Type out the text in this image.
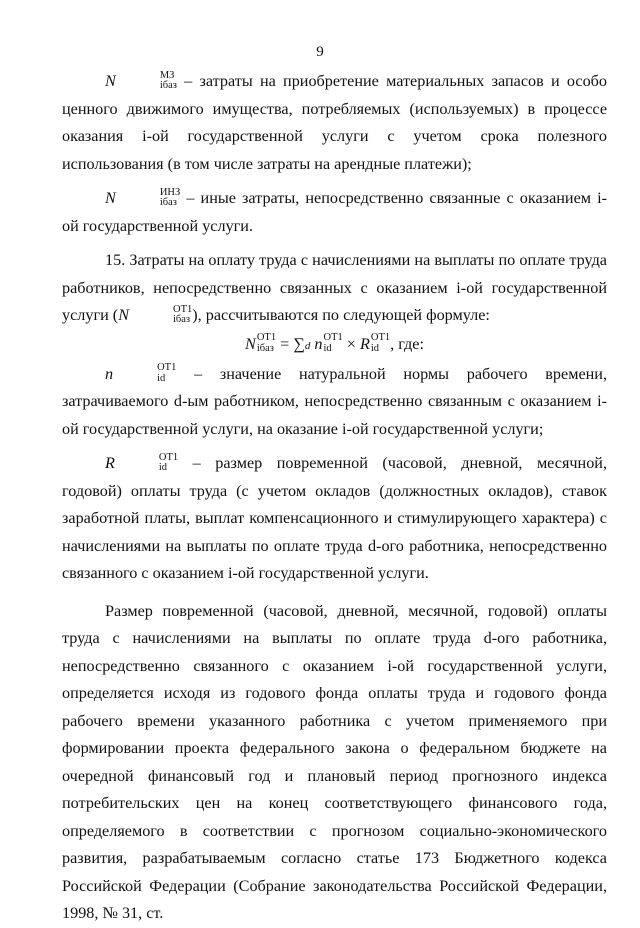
9

N	МЗ
iбаз – затраты на приобретение материальных запасов и особо ценного движимого имущества, потребляемых (используемых) в процессе оказания i-ой государственной услуги с учетом срока полезного использования (в том числе затраты на арендные платежи);

N	ИНЗ
iбаз – иные затраты, непосредственно связанные с оказанием i-ой государственной услуги.

15. Затраты на оплату труда с начислениями на выплаты по оплате труда работников, непосредственно связанных с оказанием i-ой государственной услуги (N	ОТ1
iбаз ), рассчитываются по следующей формуле:

N ОТ1
iбаз = ∑d n ОТ1
id × R ОТ1
id , где:

n	ОТ1
id	– значение натуральной нормы рабочего времени, затрачиваемого d-ым работником, непосредственно связанным с оказанием i-ой государственной услуги, на оказание i-ой государственной услуги;

R	ОТ1
id	– размер повременной (часовой, дневной, месячной, годовой) оплаты труда (с учетом окладов (должностных окладов), ставок заработной платы, выплат компенсационного и стимулирующего характера) с начислениями на выплаты по оплате труда d-ого работника, непосредственно связанного с оказанием i-ой государственной услуги.

Размер повременной (часовой, дневной, месячной, годовой) оплаты труда с начислениями на выплаты по оплате труда d-ого работника, непосредственно связанного с оказанием i-ой государственной услуги, определяется исходя из годового фонда оплаты труда и годового фонда рабочего времени указанного работника с учетом применяемого при формировании проекта федерального закона о федеральном бюджете на очередной финансовый год и плановый период прогнозного индекса потребительских цен на конец соответствующего финансового года, определяемого в соответствии с прогнозом социально-экономического развития, разрабатываемым согласно статье 173 Бюджетного кодекса Российской Федерации (Собрание законодательства Российской Федерации, 1998, № 31, ст.
